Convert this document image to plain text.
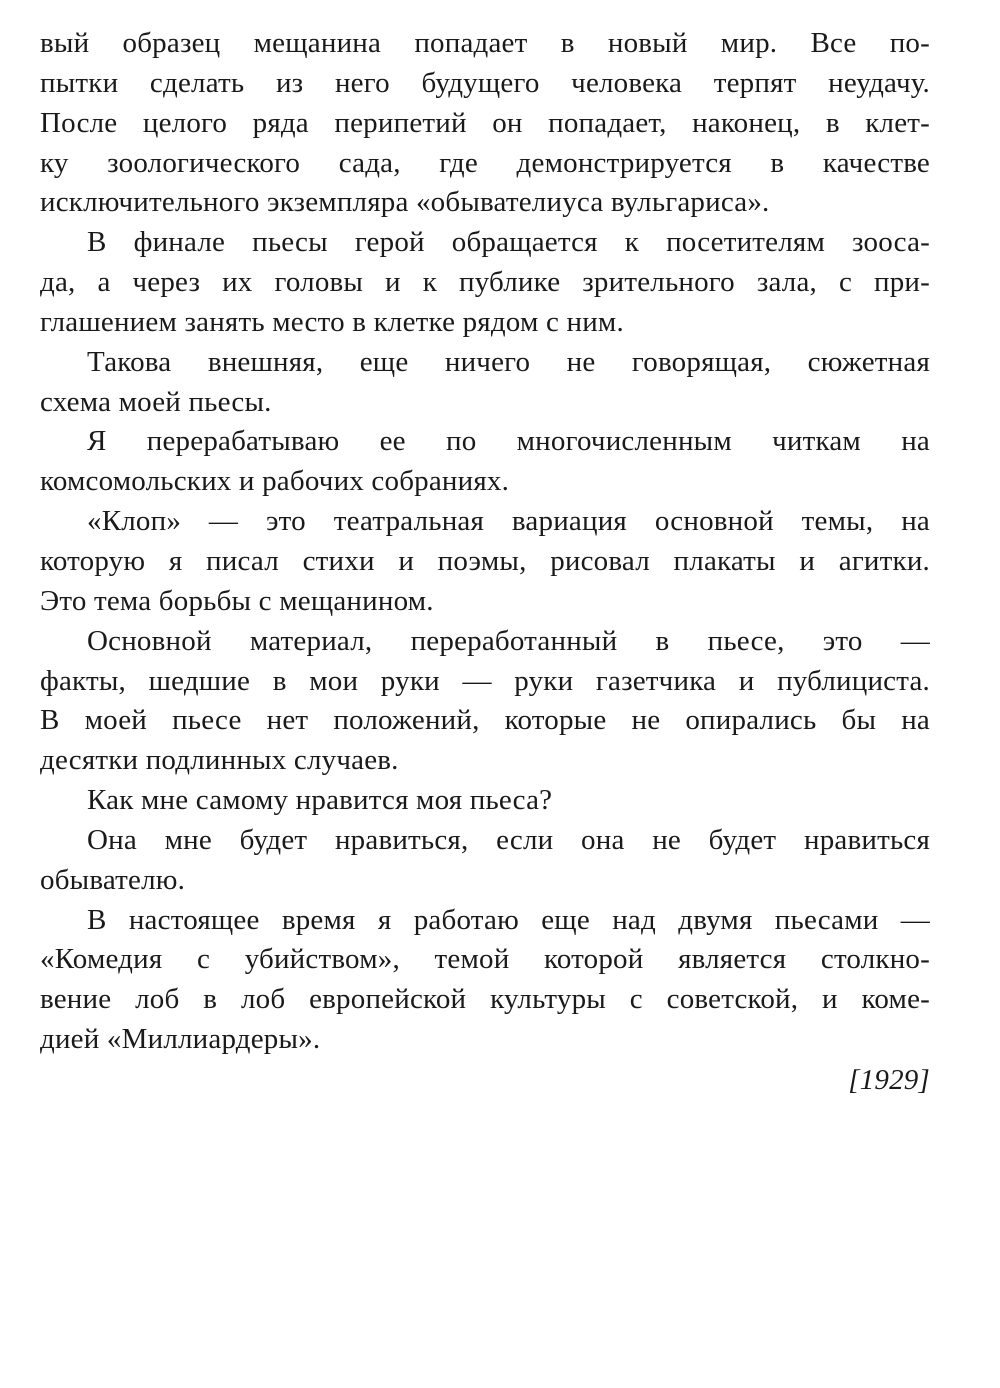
вый образец мещанина попадает в новый мир. Все по-
пытки сделать из него будущего человека терпят неудачу.
После целого ряда перипетий он попадает, наконец, в клет-
ку зоологического сада, где демонстрируется в качестве
исключительного экземпляра «обывателиуса вульгариса».
В финале пьесы герой обращается к посетителям зооса-
да, а через их головы и к публике зрительного зала, с при-
глашением занять место в клетке рядом с ним.
Такова внешняя, еще ничего не говорящая, сюжетная
схема моей пьесы.
Я перерабатываю ее по многочисленным читкам на
комсомольских и рабочих собраниях.
«Клоп» — это театральная вариация основной темы, на
которую я писал стихи и поэмы, рисовал плакаты и агитки.
Это тема борьбы с мещанином.
Основной материал, переработанный в пьесе, это —
факты, шедшие в мои руки — руки газетчика и публициста.
В моей пьесе нет положений, которые не опирались бы на
десятки подлинных случаев.
Как мне самому нравится моя пьеса?
Она мне будет нравиться, если она не будет нравиться
обывателю.
В настоящее время я работаю еще над двумя пьесами —
«Комедия с убийством», темой которой является столкно-
вение лоб в лоб европейской культуры с советской, и коме-
дией «Миллиардеры».
[1929]
